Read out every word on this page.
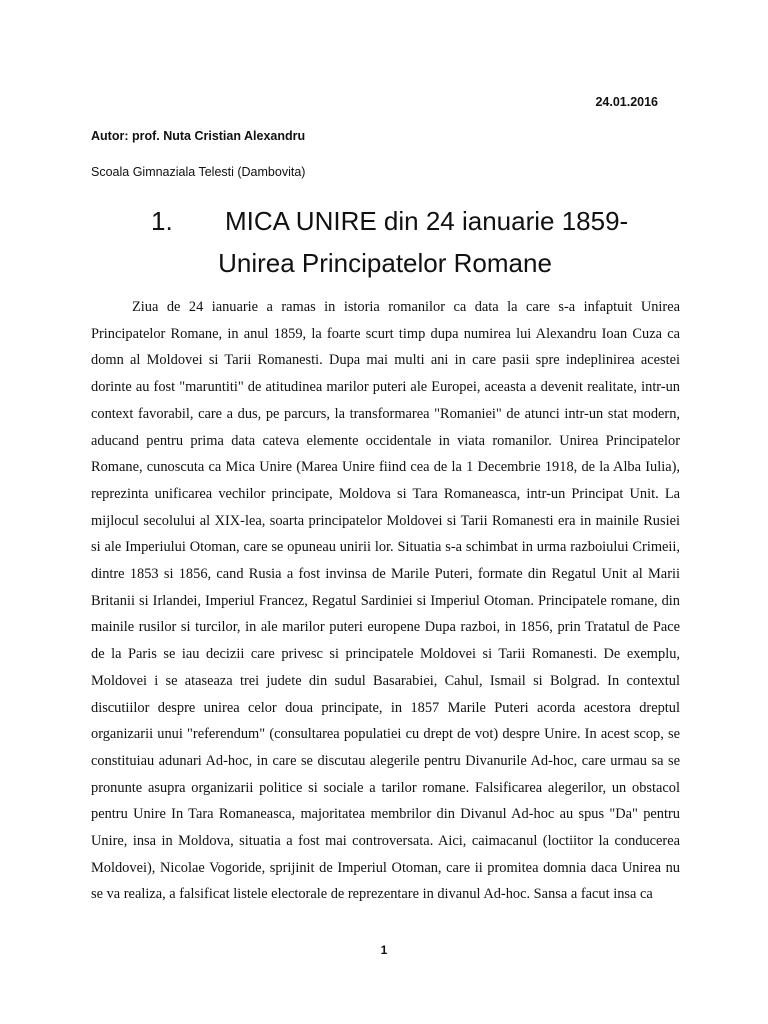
24.01.2016
Autor: prof. Nuta Cristian Alexandru
Scoala Gimnaziala Telesti (Dambovita)
1. MICA UNIRE din 24 ianuarie 1859-
Unirea Principatelor Romane

Ziua de 24 ianuarie a ramas in istoria romanilor ca data la care s-a infaptuit Unirea Principatelor Romane, in anul 1859, la foarte scurt timp dupa numirea lui Alexandru Ioan Cuza ca domn al Moldovei si Tarii Romanesti. Dupa mai multi ani in care pasii spre indeplinirea acestei dorinte au fost "maruntiti" de atitudinea marilor puteri ale Europei, aceasta a devenit realitate, intr-un context favorabil, care a dus, pe parcurs, la transformarea "Romaniei" de atunci intr-un stat modern, aducand pentru prima data cateva elemente occidentale in viata romanilor. Unirea Principatelor Romane, cunoscuta ca Mica Unire (Marea Unire fiind cea de la 1 Decembrie 1918, de la Alba Iulia), reprezinta unificarea vechilor principate, Moldova si Tara Romaneasca, intr-un Principat Unit. La mijlocul secolului al XIX-lea, soarta principatelor Moldovei si Tarii Romanesti era in mainile Rusiei si ale Imperiului Otoman, care se opuneau unirii lor. Situatia s-a schimbat in urma razboiului Crimeii, dintre 1853 si 1856, cand Rusia a fost invinsa de Marile Puteri, formate din Regatul Unit al Marii Britanii si Irlandei, Imperiul Francez, Regatul Sardiniei si Imperiul Otoman. Principatele romane, din mainile rusilor si turcilor, in ale marilor puteri europene Dupa razboi, in 1856, prin Tratatul de Pace de la Paris se iau decizii care privesc si principatele Moldovei si Tarii Romanesti. De exemplu, Moldovei i se ataseaza trei judete din sudul Basarabiei, Cahul, Ismail si Bolgrad. In contextul discutiilor despre unirea celor doua principate, in 1857 Marile Puteri acorda acestora dreptul organizarii unui "referendum" (consultarea populatiei cu drept de vot) despre Unire. In acest scop, se constituiau adunari Ad-hoc, in care se discutau alegerile pentru Divanurile Ad-hoc, care urmau sa se pronunte asupra organizarii politice si sociale a tarilor romane. Falsificarea alegerilor, un obstacol pentru Unire In Tara Romaneasca, majoritatea membrilor din Divanul Ad-hoc au spus "Da" pentru Unire, insa in Moldova, situatia a fost mai controversata. Aici, caimacanul (loctiitor la conducerea Moldovei), Nicolae Vogoride, sprijinit de Imperiul Otoman, care ii promitea domnia daca Unirea nu se va realiza, a falsificat listele electorale de reprezentare in divanul Ad-hoc. Sansa a facut insa ca

1
